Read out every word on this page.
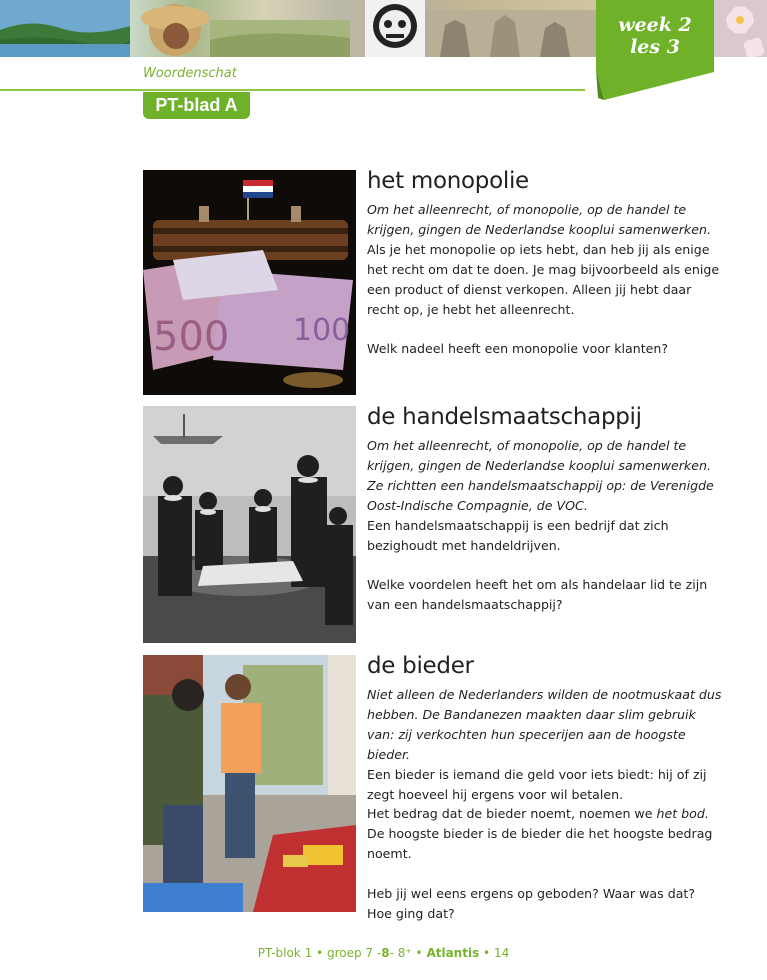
week 2
les 3
Woordenschat
PT-blad A
500 100
het monopolie

Om het alleenrecht, of monopolie, op de handel te krijgen, gingen de Nederlandse kooplui samenwerken.

Als je het monopolie op iets hebt, dan heb jij als enige het recht om dat te doen. Je mag bijvoorbeeld als enige een product of dienst verkopen. Alleen jij hebt daar recht op, je hebt het alleenrecht.

Welk nadeel heeft een monopolie voor klanten?

de handelsmaatschappij

Om het alleenrecht, of monopolie, op de handel te krijgen, gingen de Nederlandse kooplui samenwerken. Ze richtten een handelsmaatschappij op: de Verenigde Oost-Indische Compagnie, de VOC.

Een handelsmaatschappij is een bedrijf dat zich bezighoudt met handeldrijven.

Welke voordelen heeft het om als handelaar lid te zijn van een handelsmaatschappij?

de bieder

Niet alleen de Nederlanders wilden de nootmuskaat dus hebben. De Bandanezen maakten daar slim gebruik van: zij verkochten hun specerijen aan de hoogste bieder.

Een bieder is iemand die geld voor iets biedt: hij of zij zegt hoeveel hij ergens voor wil betalen.

Het bedrag dat de bieder noemt, noemen we het bod.

De hoogste bieder is de bieder die het hoogste bedrag noemt.

Heb jij wel eens ergens op geboden? Waar was dat? Hoe ging dat?

PT-blok 1 • groep 7 -8- 8⁺ • Atlantis • 14
